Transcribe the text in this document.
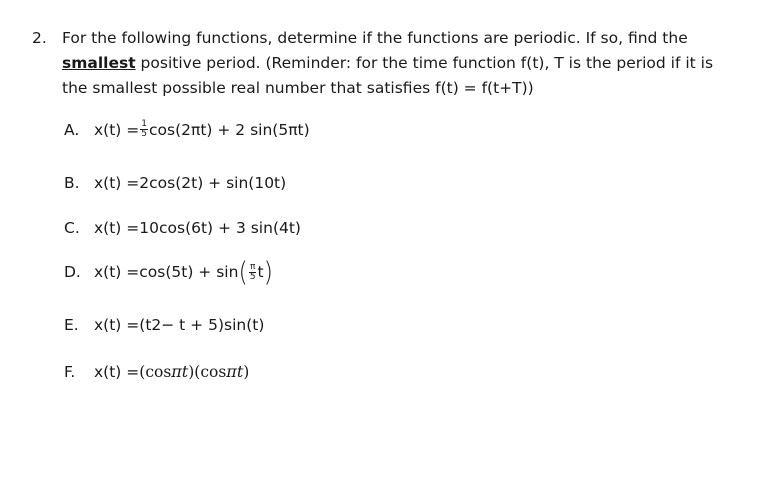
2. For the following functions, determine if the functions are periodic. If so, find the
smallest positive period. (Reminder: for the time function f(t), T is the period if it is
the smallest possible real number that satisfies f(t) = f(t+T))
A. $x(t) = \frac{1}{5} \cos(2\pi t) + 2$ sin(5πt)
B. x(t) = 2cos(2t) + sin(10t)
C. x(t) = 10cos(6t) + 3 sin(4t)
D. x(t) = cos(5t) + sin ( $\frac{\pi}{5}$ t )
E. x(t) = (t 2 − t + 5)sin(t)
F.	x(t) = (cos πt )(cos πt )
